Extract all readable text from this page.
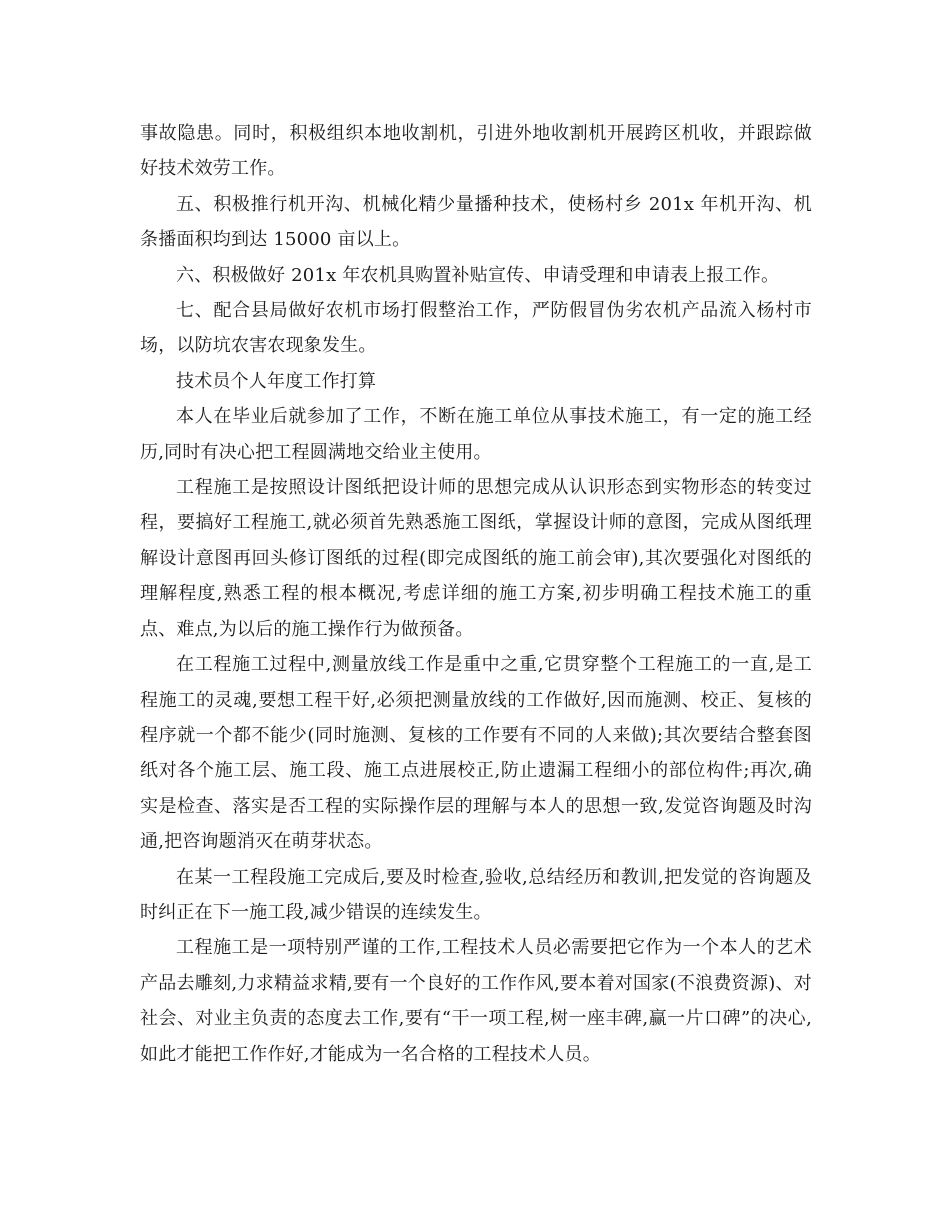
事故隐患。同时，积极组织本地收割机，引进外地收割机开展跨区机收，并跟踪做好技术效劳工作。

五、积极推行机开沟、机械化精少量播种技术，使杨村乡 201x 年机开沟、机条播面积均到达 15000 亩以上。

六、积极做好 201x 年农机具购置补贴宣传、申请受理和申请表上报工作。

七、配合县局做好农机市场打假整治工作，严防假冒伪劣农机产品流入杨村市场，以防坑农害农现象发生。

技术员个人年度工作打算

本人在毕业后就参加了工作，不断在施工单位从事技术施工，有一定的施工经历,同时有决心把工程圆满地交给业主使用。

工程施工是按照设计图纸把设计师的思想完成从认识形态到实物形态的转变过程，要搞好工程施工,就必须首先熟悉施工图纸，掌握设计师的意图，完成从图纸理解设计意图再回头修订图纸的过程(即完成图纸的施工前会审),其次要强化对图纸的理解程度,熟悉工程的根本概况,考虑详细的施工方案,初步明确工程技术施工的重点、难点,为以后的施工操作行为做预备。

在工程施工过程中,测量放线工作是重中之重,它贯穿整个工程施工的一直,是工程施工的灵魂,要想工程干好,必须把测量放线的工作做好,因而施测、校正、复核的程序就一个都不能少(同时施测、复核的工作要有不同的人来做);其次要结合整套图纸对各个施工层、施工段、施工点进展校正,防止遗漏工程细小的部位构件;再次,确实是检查、落实是否工程的实际操作层的理解与本人的思想一致,发觉咨询题及时沟通,把咨询题消灭在萌芽状态。

在某一工程段施工完成后,要及时检查,验收,总结经历和教训,把发觉的咨询题及时纠正在下一施工段,减少错误的连续发生。

工程施工是一项特别严谨的工作,工程技术人员必需要把它作为一个本人的艺术产品去雕刻,力求精益求精,要有一个良好的工作作风,要本着对国家(不浪费资源)、对社会、对业主负责的态度去工作,要有“干一项工程,树一座丰碑,赢一片口碑”的决心,如此才能把工作作好,才能成为一名合格的工程技术人员。
